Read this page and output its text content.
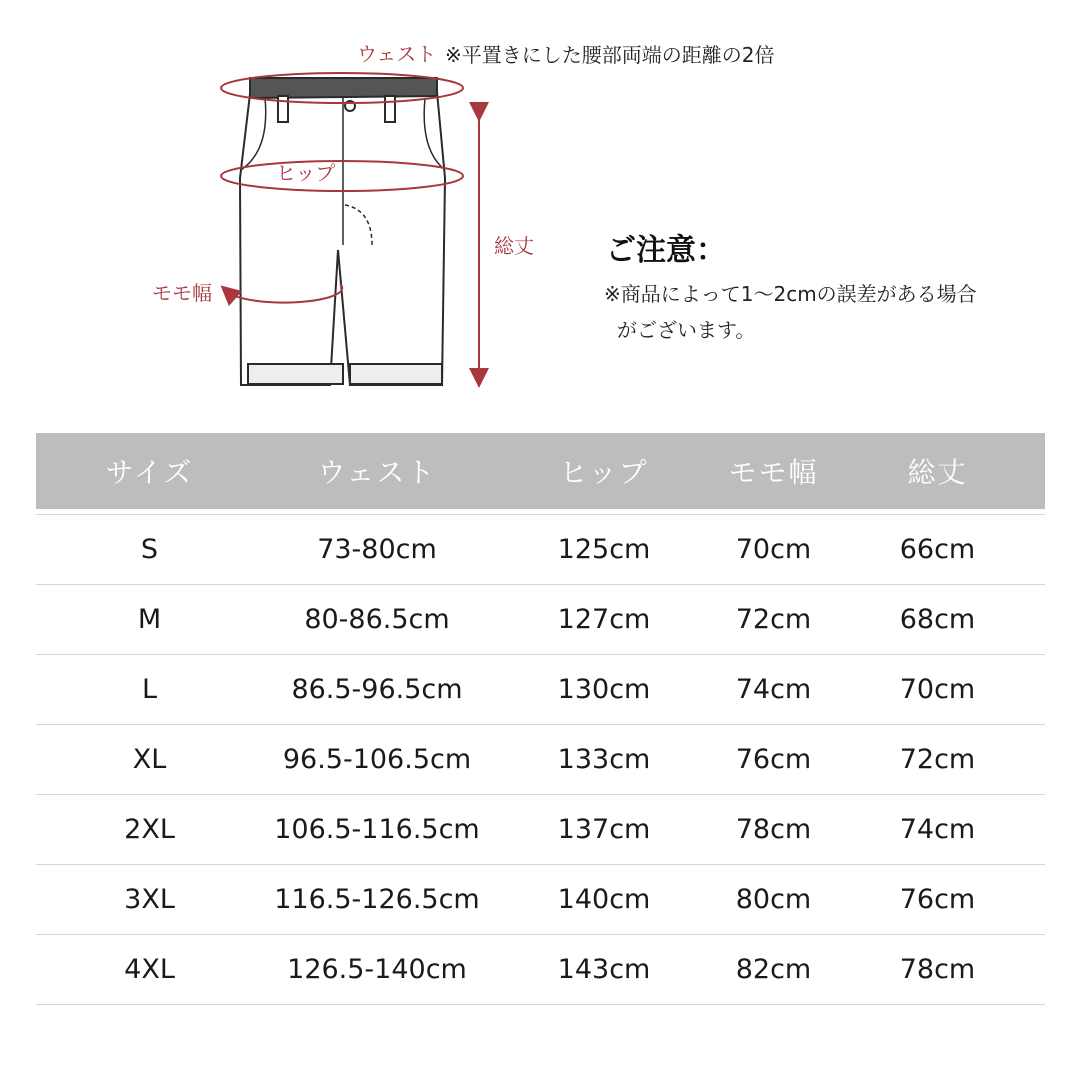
ウェスト ※平置きにした腰部両端の距離の2倍
ヒップ
モモ幅
総丈 ご注意：
※商品によって1〜2cmの誤差がある場合
がございます。
サイズ	ウェスト	ヒップ	モモ幅	総丈
S	73-80cm	125cm	70cm	66cm
M	80-86.5cm	127cm	72cm	68cm
L	86.5-96.5cm	130cm	74cm	70cm
XL	96.5-106.5cm	133cm	76cm	72cm
2XL	106.5-116.5cm	137cm	78cm	74cm
3XL	116.5-126.5cm	140cm	80cm	76cm
4XL	126.5-140cm	143cm	82cm	78cm
